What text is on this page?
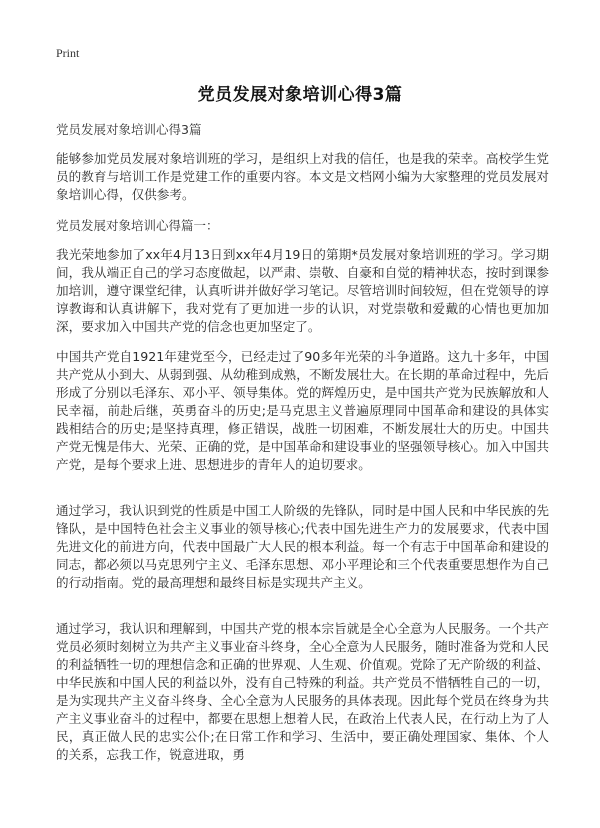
Print
党员发展对象培训心得3篇
党员发展对象培训心得3篇
能够参加党员发展对象培训班的学习，是组织上对我的信任，也是我的荣幸。高校学生党员的教育与培训工作是党建工作的重要内容。本文是文档网小编为大家整理的党员发展对象培训心得，仅供参考。
党员发展对象培训心得篇一：
我光荣地参加了xx年4月13日到xx年4月19日的第期*员发展对象培训班的学习。学习期间，我从端正自己的学习态度做起，以严肃、崇敬、自豪和自觉的精神状态，按时到课参加培训，遵守课堂纪律，认真听讲并做好学习笔记。尽管培训时间较短，但在党领导的谆谆教诲和认真讲解下，我对党有了更加进一步的认识，对党崇敬和爱戴的心情也更加加深，要求加入中国共产党的信念也更加坚定了。
中国共产党自1921年建党至今，已经走过了90多年光荣的斗争道路。这九十多年，中国共产党从小到大、从弱到强、从幼稚到成熟，不断发展壮大。在长期的革命过程中，先后形成了分别以毛泽东、邓小平、领导集体。党的辉煌历史，是中国共产党为民族解放和人民幸福，前赴后继，英勇奋斗的历史;是马克思主义普遍原理同中国革命和建设的具体实践相结合的历史;是坚持真理，修正错误，战胜一切困难，不断发展壮大的历史。中国共产党无愧是伟大、光荣、正确的党，是中国革命和建设事业的坚强领导核心。加入中国共产党，是每个要求上进、思想进步的青年人的迫切要求。
通过学习，我认识到党的性质是中国工人阶级的先锋队，同时是中国人民和中华民族的先锋队，是中国特色社会主义事业的领导核心;代表中国先进生产力的发展要求，代表中国先进文化的前进方向，代表中国最广大人民的根本利益。每一个有志于中国革命和建设的同志，都必须以马克思列宁主义、毛泽东思想、邓小平理论和三个代表重要思想作为自己的行动指南。党的最高理想和最终目标是实现共产主义。
通过学习，我认识和理解到，中国共产党的根本宗旨就是全心全意为人民服务。一个共产党员必须时刻树立为共产主义事业奋斗终身，全心全意为人民服务，随时准备为党和人民的利益牺牲一切的理想信念和正确的世界观、人生观、价值观。党除了无产阶级的利益、中华民族和中国人民的利益以外，没有自己特殊的利益。共产党员不惜牺牲自己的一切，是为实现共产主义奋斗终身、全心全意为人民服务的具体表现。因此每个党员在终身为共产主义事业奋斗的过程中，都要在思想上想着人民，在政治上代表人民，在行动上为了人民，真正做人民的忠实公仆;在日常工作和学习、生活中，要正确处理国家、集体、个人的关系，忘我工作，锐意进取，勇
